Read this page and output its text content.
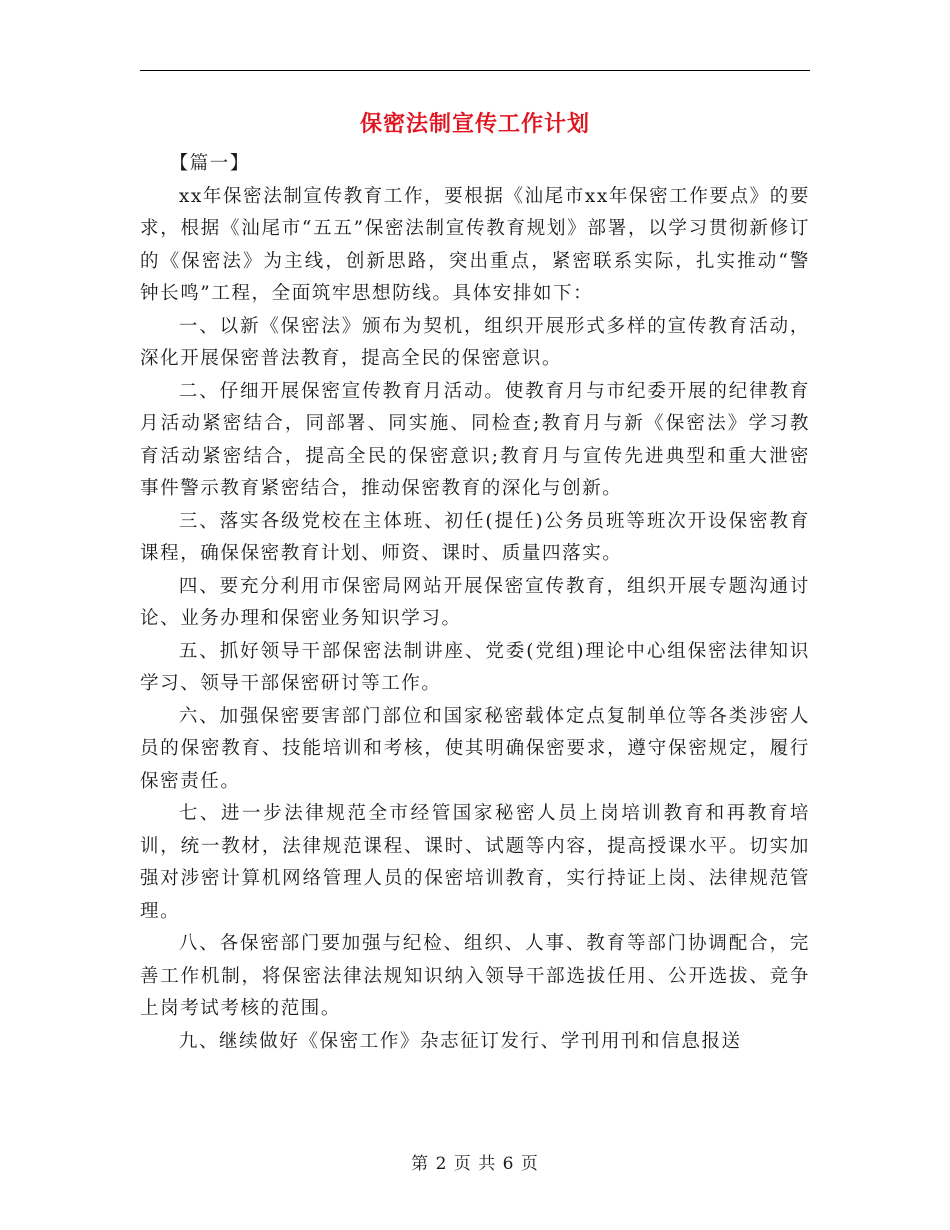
保密法制宣传工作计划

【篇一】

xx年保密法制宣传教育工作，要根据《汕尾市xx年保密工作要点》的要求，根据《汕尾市“五五”保密法制宣传教育规划》部署，以学习贯彻新修订的《保密法》为主线，创新思路，突出重点，紧密联系实际，扎实推动“警钟长鸣”工程，全面筑牢思想防线。具体安排如下：

一、以新《保密法》颁布为契机，组织开展形式多样的宣传教育活动，深化开展保密普法教育，提高全民的保密意识。

二、仔细开展保密宣传教育月活动。使教育月与市纪委开展的纪律教育月活动紧密结合，同部署、同实施、同检查;教育月与新《保密法》学习教育活动紧密结合，提高全民的保密意识;教育月与宣传先进典型和重大泄密事件警示教育紧密结合，推动保密教育的深化与创新。

三、落实各级党校在主体班、初任(提任)公务员班等班次开设保密教育课程，确保保密教育计划、师资、课时、质量四落实。

四、要充分利用市保密局网站开展保密宣传教育，组织开展专题沟通讨论、业务办理和保密业务知识学习。

五、抓好领导干部保密法制讲座、党委(党组)理论中心组保密法律知识学习、领导干部保密研讨等工作。

六、加强保密要害部门部位和国家秘密载体定点复制单位等各类涉密人员的保密教育、技能培训和考核，使其明确保密要求，遵守保密规定，履行保密责任。

七、进一步法律规范全市经管国家秘密人员上岗培训教育和再教育培训，统一教材，法律规范课程、课时、试题等内容，提高授课水平。切实加强对涉密计算机网络管理人员的保密培训教育，实行持证上岗、法律规范管理。

八、各保密部门要加强与纪检、组织、人事、教育等部门协调配合，完善工作机制，将保密法律法规知识纳入领导干部选拔任用、公开选拔、竞争上岗考试考核的范围。

九、继续做好《保密工作》杂志征订发行、学刊用刊和信息报送

第 2 页 共 6 页
